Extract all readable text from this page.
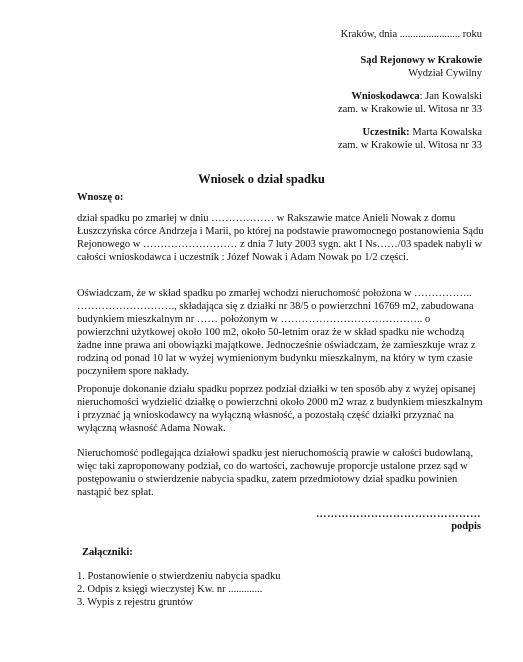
Kraków, dnia ....................... roku
Sąd Rejonowy w Krakowie
Wydział Cywilny
Wnioskodawca: Jan Kowalski
zam. w Krakowie ul. Witosa nr 33
Uczestnik: Marta Kowalska
zam. w Krakowie ul. Witosa nr 33
Wniosek o dział spadku
Wnoszę o:
dział spadku po zmarłej w dniu ……………… w Rakszawie matce Anieli Nowak z domu
Łuszczyńska córce Andrzeja i Marii, po której na podstawie prawomocnego postanowienia Sądu
Rejonowego w ……………………… z dnia 7 luty 2003 sygn. akt I Ns……/03 spadek nabyli w
całości wnioskodawca i uczestnik : Józef Nowak i Adam Nowak po 1/2 części.
Oświadczam, że w skład spadku po zmarłej wchodzi nieruchomość położona w ……………..
………………………., składająca się z działki nr 38/5 o powierzchni 16769 m2, zabudowana
budynkiem mieszkalnym nr …… położonym w ………………………………….. o
powierzchni użytkowej około 100 m2, około 50-letnim oraz że w skład spadku nie wchodzą
żadne inne prawa ani obowiązki majątkowe. Jednocześnie oświadczam, że zamieszkuje wraz z
rodziną od ponad 10 lat w wyżej wymienionym budynku mieszkalnym, na który w tym czasie
poczyniłem spore nakłady.
Proponuje dokonanie działu spadku poprzez podział działki w ten sposób aby z wyżej opisanej
nieruchomości wydzielić działkę o powierzchni około 2000 m2 wraz z budynkiem mieszkalnym
i przyznać ją wnioskodawcy na wyłączną własność, a pozostałą część działki przyznać na
wyłączną własność Adama Nowak.
Nieruchomość podlegająca działowi spadku jest nieruchomością prawie w całości budowlaną,
więc taki zaproponowany podział, co do wartości, zachowuje proporcje ustalone przez sąd w
postępowaniu o stwierdzenie nabycia spadku, zatem przedmiotowy dział spadku powinien
nastąpić bez spłat.
………………………………………
podpis
Załączniki:
1. Postanowienie o stwierdzeniu nabycia spadku
2. Odpis z księgi wieczystej Kw. nr .............
3. Wypis z rejestru gruntów
